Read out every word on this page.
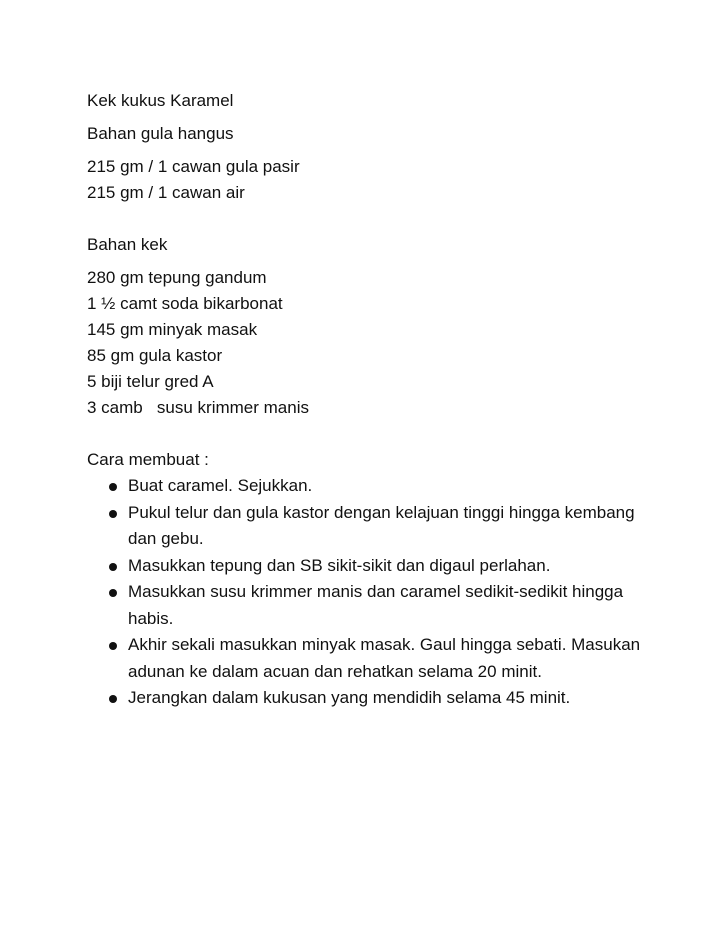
Kek kukus Karamel
Bahan gula hangus
215 gm / 1 cawan gula pasir
215 gm / 1 cawan air
Bahan kek
280 gm tepung gandum
1 ½ camt soda bikarbonat
145 gm minyak masak
85 gm gula kastor
5 biji telur gred A
3 camb   susu krimmer manis
Cara membuat :
Buat caramel. Sejukkan.
Pukul telur dan gula kastor dengan kelajuan tinggi hingga kembang dan gebu.
Masukkan tepung dan SB sikit-sikit dan digaul perlahan.
Masukkan susu krimmer manis dan caramel sedikit-sedikit hingga habis.
Akhir sekali masukkan minyak masak. Gaul hingga sebati. Masukan adunan ke dalam acuan dan rehatkan selama 20 minit.
Jerangkan dalam kukusan yang mendidih selama 45 minit.
